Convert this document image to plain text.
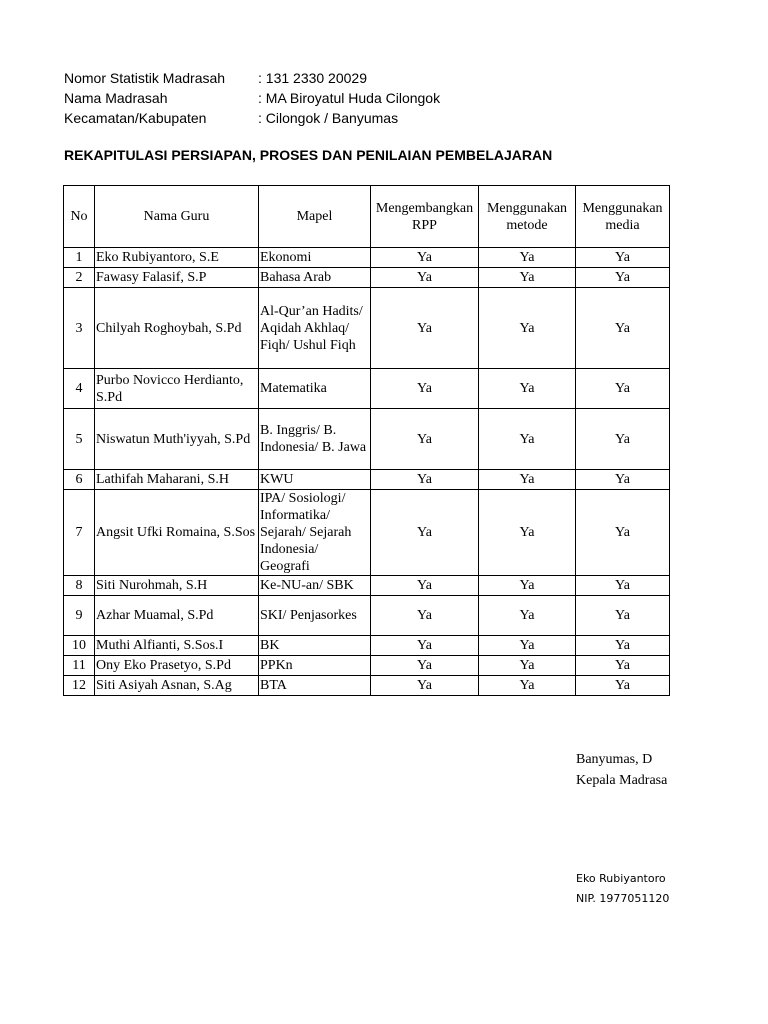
Nomor Statistik Madrasah	: 131 2330 20029
Nama Madrasah	: MA Biroyatul Huda Cilongok
Kecamatan/Kabupaten	: Cilongok / Banyumas
REKAPITULASI PERSIAPAN, PROSES DAN PENILAIAN PEMBELAJARAN
No	Nama Guru	Mapel	Mengembangkan RPP	Menggunakan metode	Menggunakan media
1	Eko Rubiyantoro, S.E	Ekonomi	Ya	Ya	Ya
2	Fawasy Falasif, S.P	Bahasa Arab	Ya	Ya	Ya
3	Chilyah Roghoybah, S.Pd	Al-Qur’an Hadits/ Aqidah Akhlaq/ Fiqh/ Ushul Fiqh	Ya	Ya	Ya
4	Purbo Novicco Herdianto, S.Pd	Matematika	Ya	Ya	Ya
5	Niswatun Muth'iyyah, S.Pd	B. Inggris/ B. Indonesia/ B. Jawa	Ya	Ya	Ya
6	Lathifah Maharani, S.H	KWU	Ya	Ya	Ya
7	Angsit Ufki Romaina, S.Sos	IPA/ Sosiologi/ Informatika/ Sejarah/ Sejarah Indonesia/ Geografi	Ya	Ya	Ya
8	Siti Nurohmah, S.H	Ke-NU-an/ SBK	Ya	Ya	Ya
9	Azhar Muamal, S.Pd	SKI/ Penjasorkes	Ya	Ya	Ya
10	Muthi Alfianti, S.Sos.I	BK	Ya	Ya	Ya
11	Ony Eko Prasetyo, S.Pd	PPKn	Ya	Ya	Ya
12	Siti Asiyah Asnan, S.Ag	BTA	Ya	Ya	Ya
Banyumas, D
Kepala Madrasa
Eko Rubiyantoro
NIP. 1977051120
